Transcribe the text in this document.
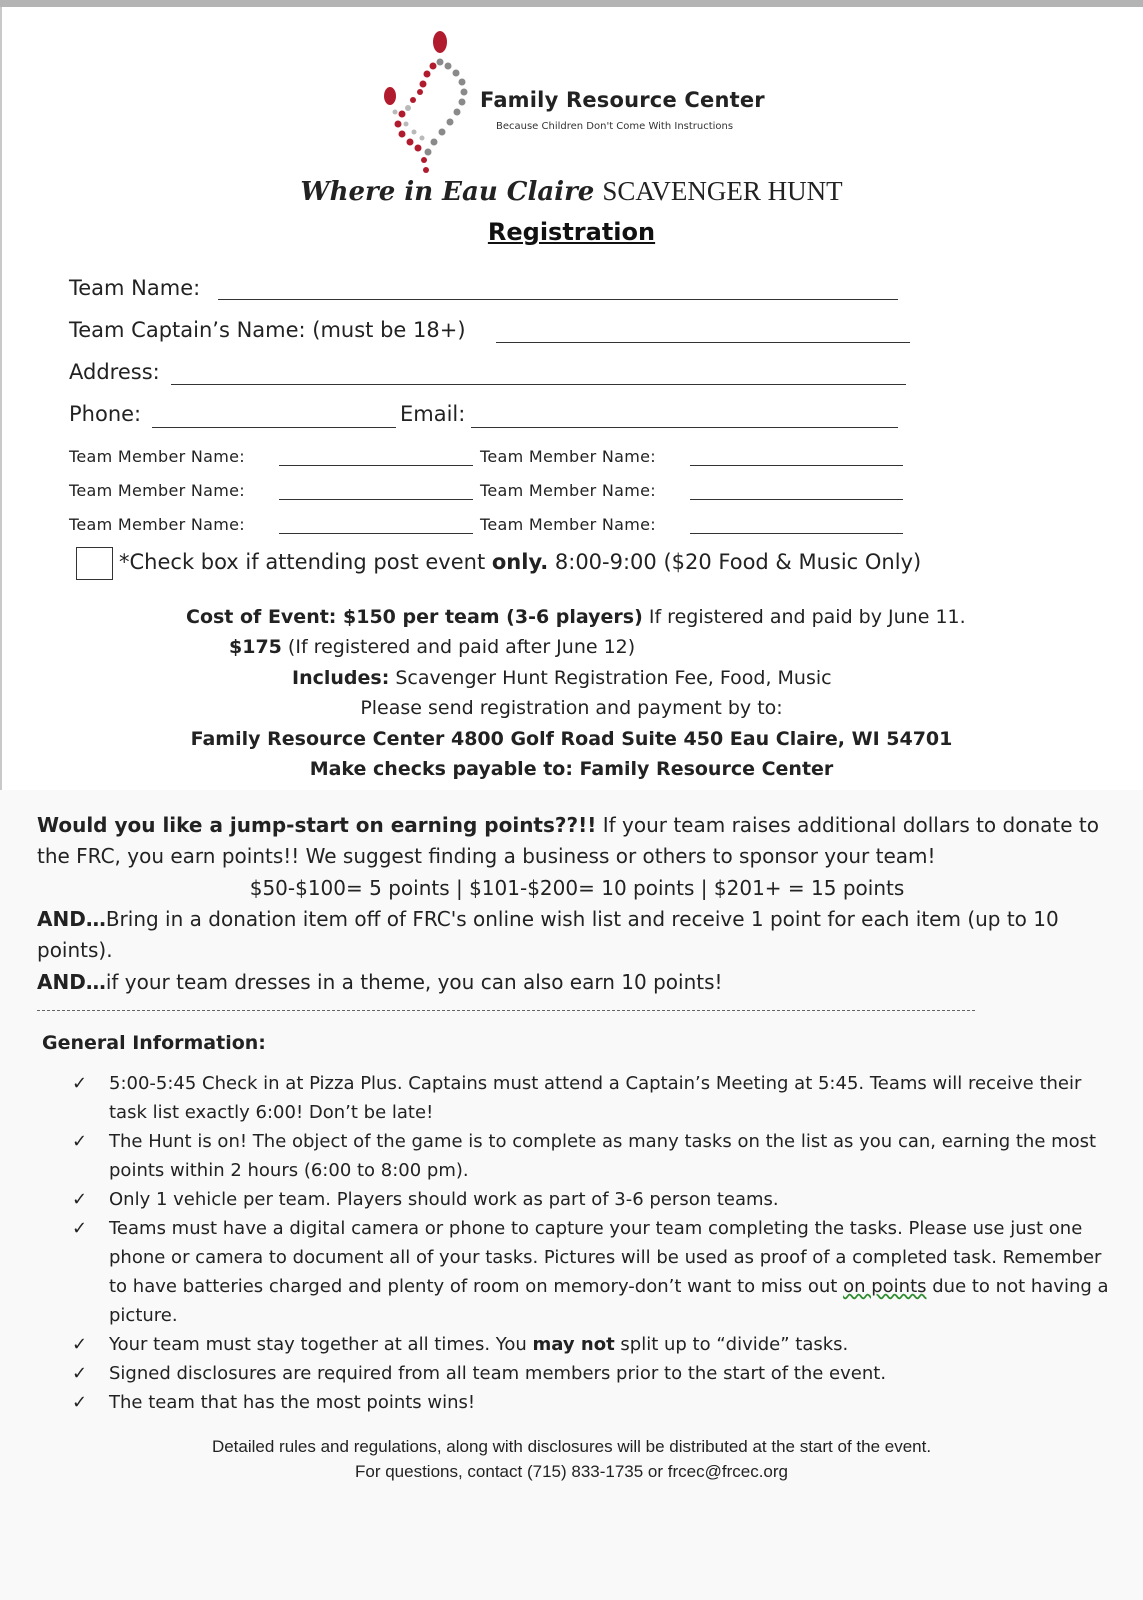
Family Resource Center
Because Children Don't Come With Instructions
Where in Eau Claire SCAVENGER HUNT
Registration
Team Name:
Team Captain’s Name: (must be 18+)
Address:
Phone:	Email:
Team Member Name:	Team Member Name:
Team Member Name:	Team Member Name:
Team Member Name:	Team Member Name:
*Check box if attending post event only. 8:00-9:00 ($20 Food & Music Only)
Cost of Event: $150 per team (3-6 players) If registered and paid by June 11.
$175 (If registered and paid after June 12)
Includes: Scavenger Hunt Registration Fee, Food, Music
Please send registration and payment by to:
Family Resource Center 4800 Golf Road Suite 450 Eau Claire, WI 54701
Make checks payable to: Family Resource Center
Would you like a jump-start on earning points??!! If your team raises additional dollars to donate to the FRC, you earn points!! We suggest finding a business or others to sponsor your team!
$50-$100= 5 points | $101-$200= 10 points | $201+ = 15 points
AND…Bring in a donation item off of FRC's online wish list and receive 1 point for each item (up to 10 points).
AND…if your team dresses in a theme, you can also earn 10 points!
General Information:
✓ 5:00-5:45 Check in at Pizza Plus. Captains must attend a Captain’s Meeting at 5:45. Teams will receive their task list exactly 6:00! Don’t be late!
✓ The Hunt is on! The object of the game is to complete as many tasks on the list as you can, earning the most points within 2 hours (6:00 to 8:00 pm).
✓ Only 1 vehicle per team. Players should work as part of 3-6 person teams.
✓ Teams must have a digital camera or phone to capture your team completing the tasks. Please use just one phone or camera to document all of your tasks. Pictures will be used as proof of a completed task. Remember to have batteries charged and plenty of room on memory-don’t want to miss out on points due to not having a picture.
✓ Your team must stay together at all times. You may not split up to “divide” tasks.
✓ Signed disclosures are required from all team members prior to the start of the event.
✓ The team that has the most points wins!
Detailed rules and regulations, along with disclosures will be distributed at the start of the event.
For questions, contact (715) 833-1735 or frcec@frcec.org
